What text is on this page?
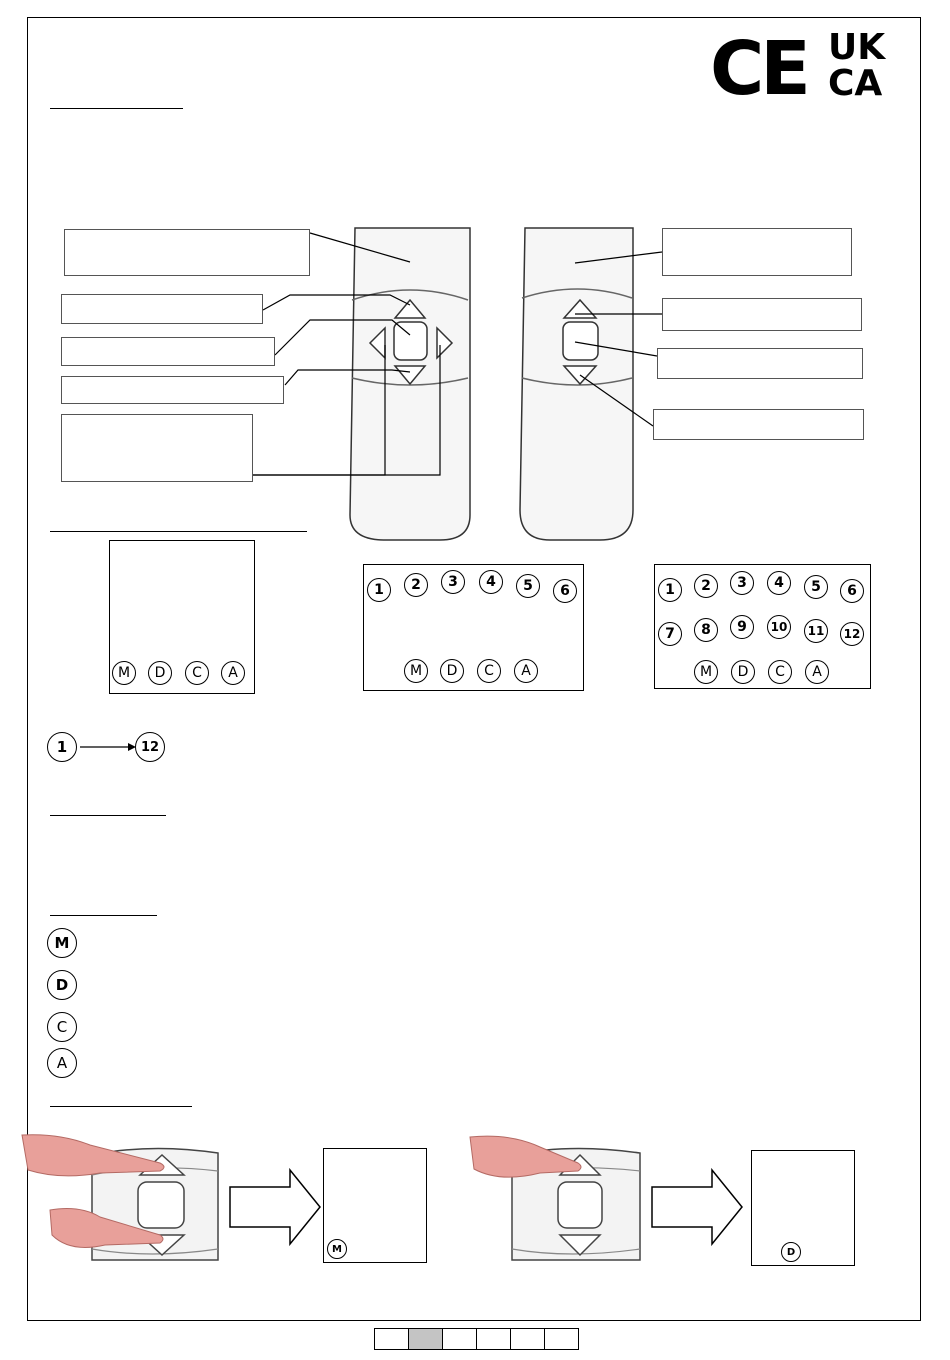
CE UK
CA
M	D	C	A
1	2	3	4	5	6
M	D	C	A
1	2	3	4	5	6
7	8	9	10	11	12
M	D	C	A
1	12
M
D
C
A
M	D
